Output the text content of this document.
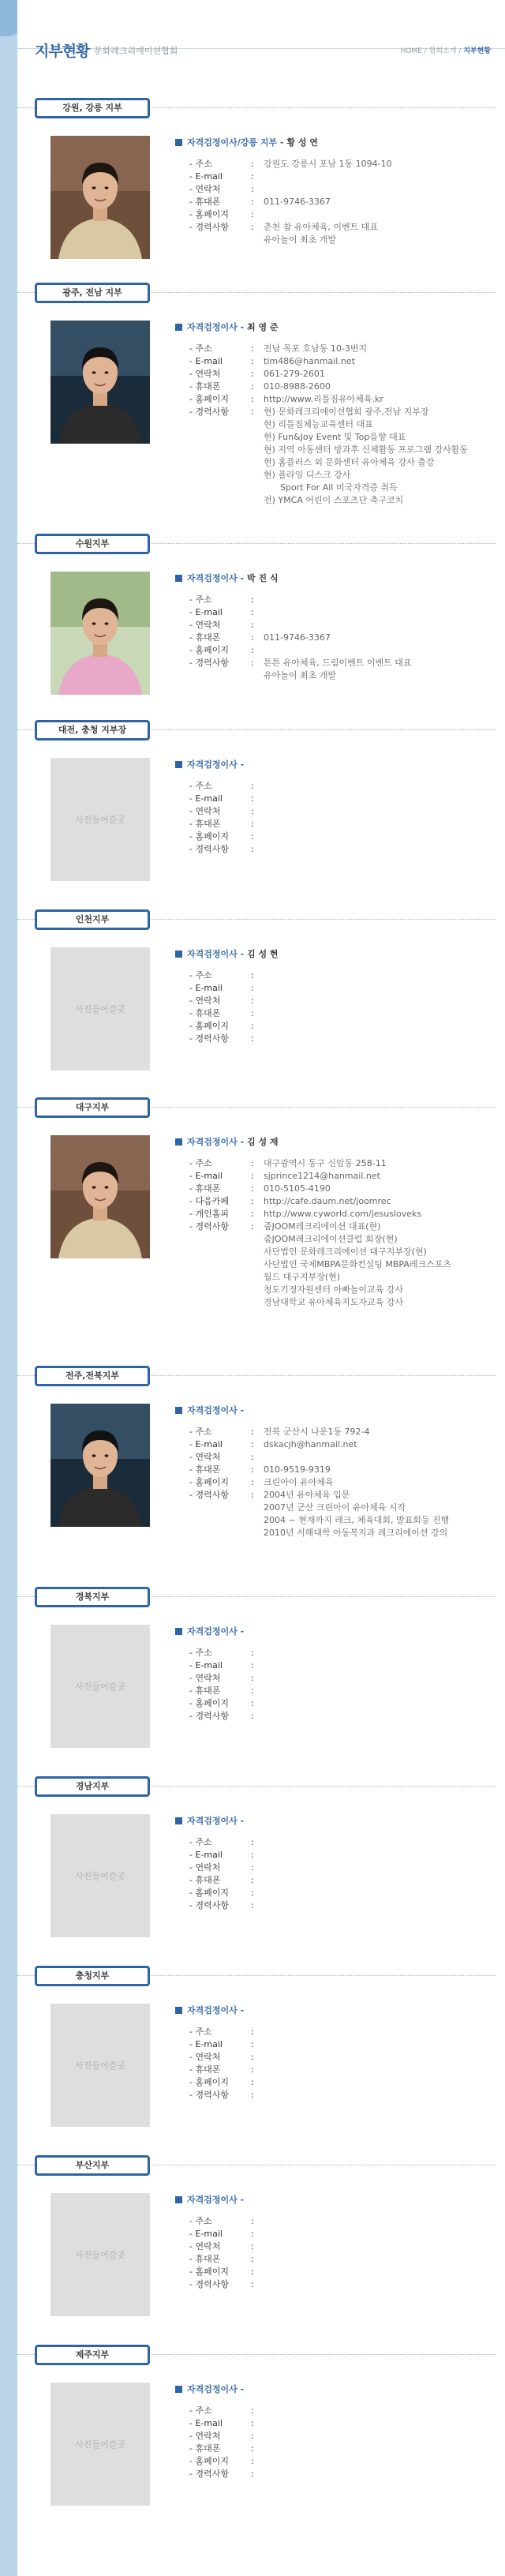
지부현황 문화레크리에이션협회	HOME / 협회소개 / 지부현황
강원, 강릉 지부
자격검정이사/강릉 지부 - 황 성 연
- 주소	:	강원도 강릉시 포남 1동 1094-10
- E-mail	:
- 연락처	:
- 휴대폰	:	011-9746-3367
- 홈페이지	:
- 경력사항	:	춘천 참 유아체육, 이벤트 대표
유아놀이 최초 개발
광주, 전남 지부
자격검정이사 - 최 영 준
- 주소	:	전남 목포 호남동 10-3번지
- E-mail	:	tim486@hanmail.net
- 연락처	:	061-279-2601
- 휴대폰	:	010-8988-2600
- 홈페이지	:	http://www.리틀짐유아체육.kr
- 경력사항	:	현) 문화레크리에이션협회 광주,전남 지부장
현) 리틀짐체능교육센터 대표
현) Fun&Joy Event 및 Top음향 대표
현) 지역 아동센터 방과후 신체활동 프로그램 강사활동
현) 홈플러스 외 문화센터 유아체육 강사 출강
현) 플라잉 디스크 강사
Sport For All 미국자격증 취득
전) YMCA 어린이 스포츠단 축구코치
수원지부
자격검정이사 - 박 진 식
- 주소	:
- E-mail	:
- 연락처	:
- 휴대폰	:	011-9746-3367
- 홈페이지	:
- 경력사항	:	튼튼 유아체육, 드림이벤트 이벤트 대표
유아놀이 최초 개발
대전, 충청 지부장
사진들어갈곳
자격검정이사 -
- 주소	:
- E-mail	:
- 연락처	:
- 휴대폰	:
- 홈페이지	:
- 경력사항	:
인천지부
사진들어갈곳
자격검정이사 - 김 성 현
- 주소	:
- E-mail	:
- 연락처	:
- 휴대폰	:
- 홈페이지	:
- 경력사항	:
대구지부
자격검정이사 - 김 성 재
- 주소	:	대구광역시 동구 신암동 258-11
- E-mail	:	sjprince1214@hanmail.net
- 휴대폰	:	010-5105-4190
- 다음카페	:	http://cafe.daum.net/joomrec
- 개인홈피	:	http://www.cyworld.com/jesusloveks
- 경력사항	:	줌JOOM레크리에이션 대표(현)
줌JOOM레크리에이션클럽 회장(현)
사단법인 문화레크리에이션 대구지부장(현)
사단법인 국제MBPA문화컨설팅 MBPA레크스포츠
월드 대구지부장(현)
청도기정자원센터 아빠놀이교육 강사
경남대학교 유아체육지도자교육 강사
전주,전북지부
자격검정이사 -
- 주소	:	전북 군산시 나운1동 792-4
- E-mail	:	dskacjh@hanmail.net
- 연락처	:
- 휴대폰	:	010-9519-9319
- 홈페이지	:	크린아이 유아체육
- 경력사항	:	2004년 유아체육 입문
2007년 군산 크린아이 유아체육 시작
2004 ~ 현재까지 레크, 체육대회, 발표회등 진행
2010년 서해대학 아동복지과 레크리에이션 강의
경북지부
사진들어갈곳
자격검정이사 -
- 주소	:
- E-mail	:
- 연락처	:
- 휴대폰	:
- 홈페이지	:
- 경력사항	:
경남지부
사진들어갈곳
자격검정이사 -
- 주소	:
- E-mail	:
- 연락처	:
- 휴대폰	:
- 홈페이지	:
- 경력사항	:
충청지부
사진들어갈곳
자격검정이사 -
- 주소	:
- E-mail	:
- 연락처	:
- 휴대폰	:
- 홈페이지	:
- 경력사항	:
부산지부
사진들어갈곳
자격검정이사 -
- 주소	:
- E-mail	:
- 연락처	:
- 휴대폰	:
- 홈페이지	:
- 경력사항	:
제주지부
사진들어갈곳
자격검정이사 -
- 주소	:
- E-mail	:
- 연락처	:
- 휴대폰	:
- 홈페이지	:
- 경력사항	:
